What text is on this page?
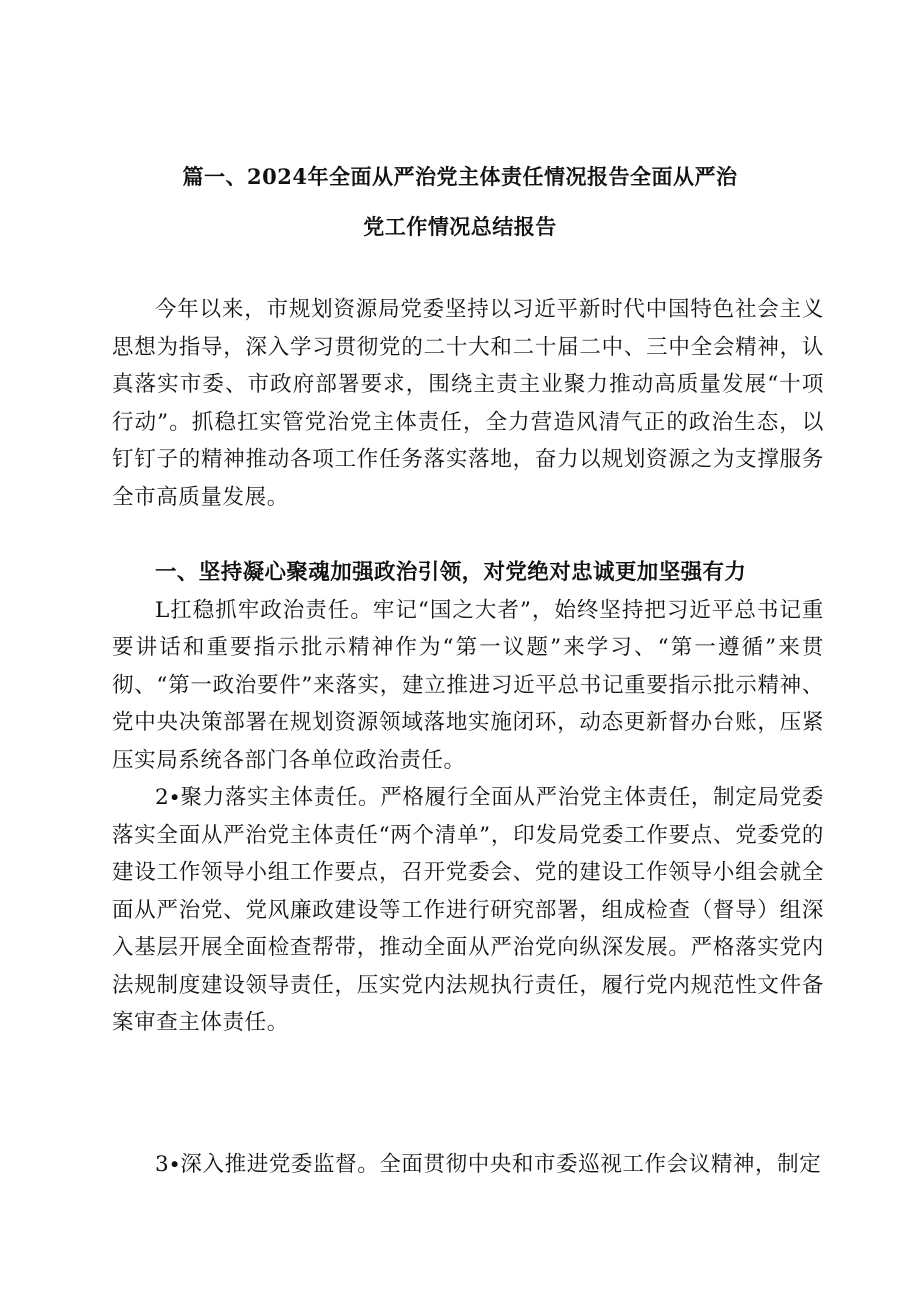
篇一、2024年全面从严治党主体责任情况报告全面从严治
党工作情况总结报告

今年以来，市规划资源局党委坚持以习近平新时代中国特色社会主义思想为指导，深入学习贯彻党的二十大和二十届二中、三中全会精神，认真落实市委、市政府部署要求，围绕主责主业聚力推动高质量发展“十项行动”。抓稳扛实管党治党主体责任，全力营造风清气正的政治生态，以钉钉子的精神推动各项工作任务落实落地，奋力以规划资源之为支撑服务全市高质量发展。

一、坚持凝心聚魂加强政治引领，对党绝对忠诚更加坚强有力

L扛稳抓牢政治责任。牢记“国之大者”，始终坚持把习近平总书记重要讲话和重要指示批示精神作为“第一议题”来学习、“第一遵循”来贯彻、“第一政治要件”来落实，建立推进习近平总书记重要指示批示精神、党中央决策部署在规划资源领域落地实施闭环，动态更新督办台账，压紧压实局系统各部门各单位政治责任。

2∙聚力落实主体责任。严格履行全面从严治党主体责任，制定局党委落实全面从严治党主体责任“两个清单”，印发局党委工作要点、党委党的建设工作领导小组工作要点，召开党委会、党的建设工作领导小组会就全面从严治党、党风廉政建设等工作进行研究部署，组成检查（督导）组深入基层开展全面检查帮带，推动全面从严治党向纵深发展。严格落实党内法规制度建设领导责任，压实党内法规执行责任，履行党内规范性文件备案审查主体责任。

3∙深入推进党委监督。全面贯彻中央和市委巡视工作会议精神，制定
